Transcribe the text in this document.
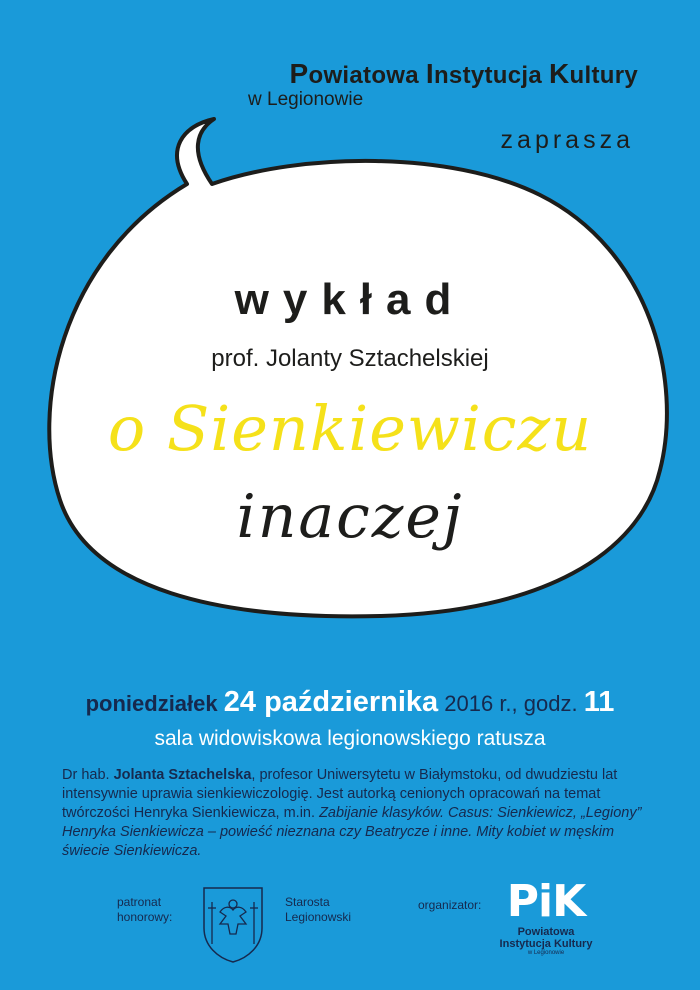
Powiatowa Instytucja Kultury
w Legionowie
zaprasza
wykład
prof. Jolanty Sztachelskiej
o Sienkiewiczu
inaczej
poniedziałek 24 października 2016 r., godz. 11
sala widowiskowa legionowskiego ratusza
Dr hab. Jolanta Sztachelska, profesor Uniwersytetu w Białymstoku, od dwudziestu lat intensywnie uprawia sienkiewiczologię. Jest autorką cenionych opracowań na temat twórczości Henryka Sienkiewicza, m.in. Zabijanie klasyków. Casus: Sienkiewicz, „Legiony” Henryka Sienkiewicza – powieść nieznana czy Beatrycze i inne. Mity kobiet w męskim świecie Sienkiewicza.
patronat
honorowy:
Starosta
Legionowski
organizator: PiK
Powiatowa
Instytucja Kultury
w Legionowie
